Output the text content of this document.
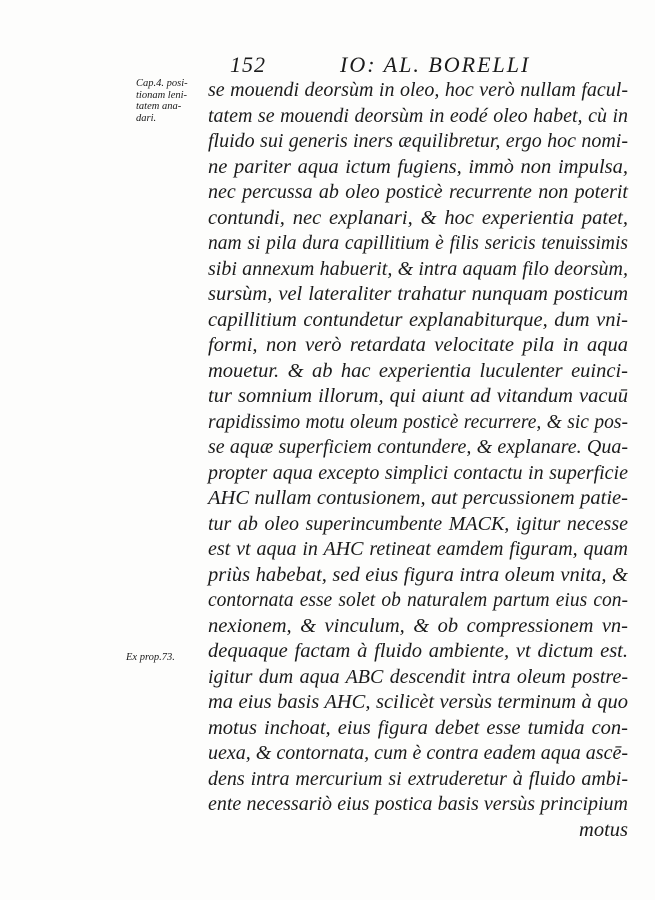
152	IO: AL. BORELLI
Cap.4. posi-
tionam leni-
tatem ana-
dari.
Ex prop.73.
se mouendi deorsùm in oleo, hoc verò nullam facul-
tatem se mouendi deorsùm in eodé oleo habet, cù in
fluido sui generis iners æquilibretur, ergo hoc nomi-
ne pariter aqua ictum fugiens, immò non impulsa,
nec percussa ab oleo posticè recurrente non poterit
contundi, nec explanari, & hoc experientia patet,
nam si pila dura capillitium è filis sericis tenuissimis
sibi annexum habuerit, & intra aquam filo deorsùm,
sursùm, vel lateraliter trahatur nunquam posticum
capillitium contundetur explanabiturque, dum vni-
formi, non verò retardata velocitate pila in aqua
mouetur. & ab hac experientia luculenter euinci-
tur somnium illorum, qui aiunt ad vitandum vacuū
rapidissimo motu oleum posticè recurrere, & sic pos-
se aquæ superficiem contundere, & explanare. Qua-
propter aqua excepto simplici contactu in superficie
AHC nullam contusionem, aut percussionem patie-
tur ab oleo superincumbente MACK, igitur necesse
est vt aqua in AHC retineat eamdem figuram, quam
priùs habebat, sed eius figura intra oleum vnita, &
contornata esse solet ob naturalem partum eius con-
nexionem, & vinculum, & ob compressionem vn-
dequaque factam à fluido ambiente, vt dictum est.
igitur dum aqua ABC descendit intra oleum postre-
ma eius basis AHC, scilicèt versùs terminum à quo
motus inchoat, eius figura debet esse tumida con-
uexa, & contornata, cum è contra eadem aqua ascē-
dens intra mercurium si extruderetur à fluido ambi-
ente necessariò eius postica basis versùs principium
motus
